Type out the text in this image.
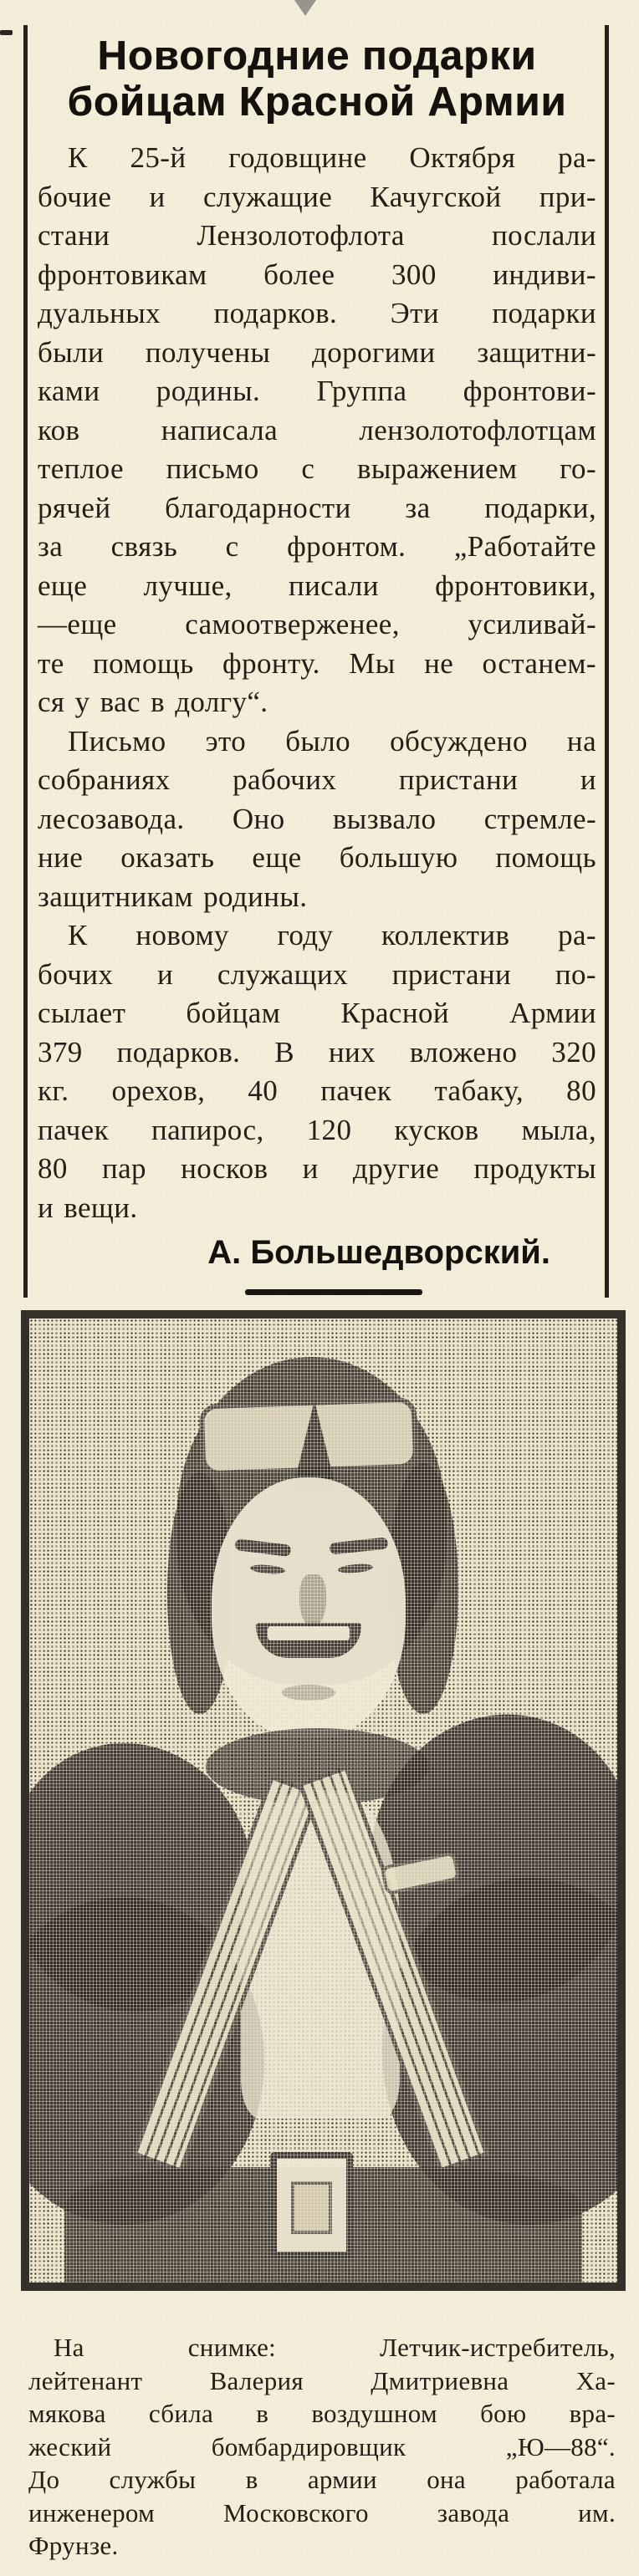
Новогодние подарки
бойцам Красной Армии
К 25-й годовщине Октября ра-
бочие и служащие Качугской при-
стани Лензолотофлота послали
фронтовикам более 300 индиви-
дуальных подарков. Эти подарки
были получены дорогими защитни-
ками родины. Группа фронтови-
ков написала лензолотофлотцам
теплое письмо с выражением го-
рячей благодарности за подарки,
за связь с фронтом. „Работайте
еще лучше, писали фронтовики,
—еще самоотверженее, усиливай-
те помощь фронту. Мы не останем-
ся у вас в долгу“.
Письмо это было обсуждено на
собраниях рабочих пристани и
лесозавода. Оно вызвало стремле-
ние оказать еще большую помощь
защитникам родины.
К новому году коллектив ра-
бочих и служащих пристани по-
сылает бойцам Красной Армии
379 подарков. В них вложено 320
кг. орехов, 40 пачек табаку, 80
пачек папирос, 120 кусков мыла,
80 пар носков и другие продукты
и вещи.
А. Большедворский.
На снимке: Летчик-истребитель,
лейтенант Валерия Дмитриевна Ха-
мякова сбила в воздушном бою вра-
жеский бомбардировщик „Ю—88“.
До службы в армии она работала
инженером Московского завода им.
Фрунзе.
